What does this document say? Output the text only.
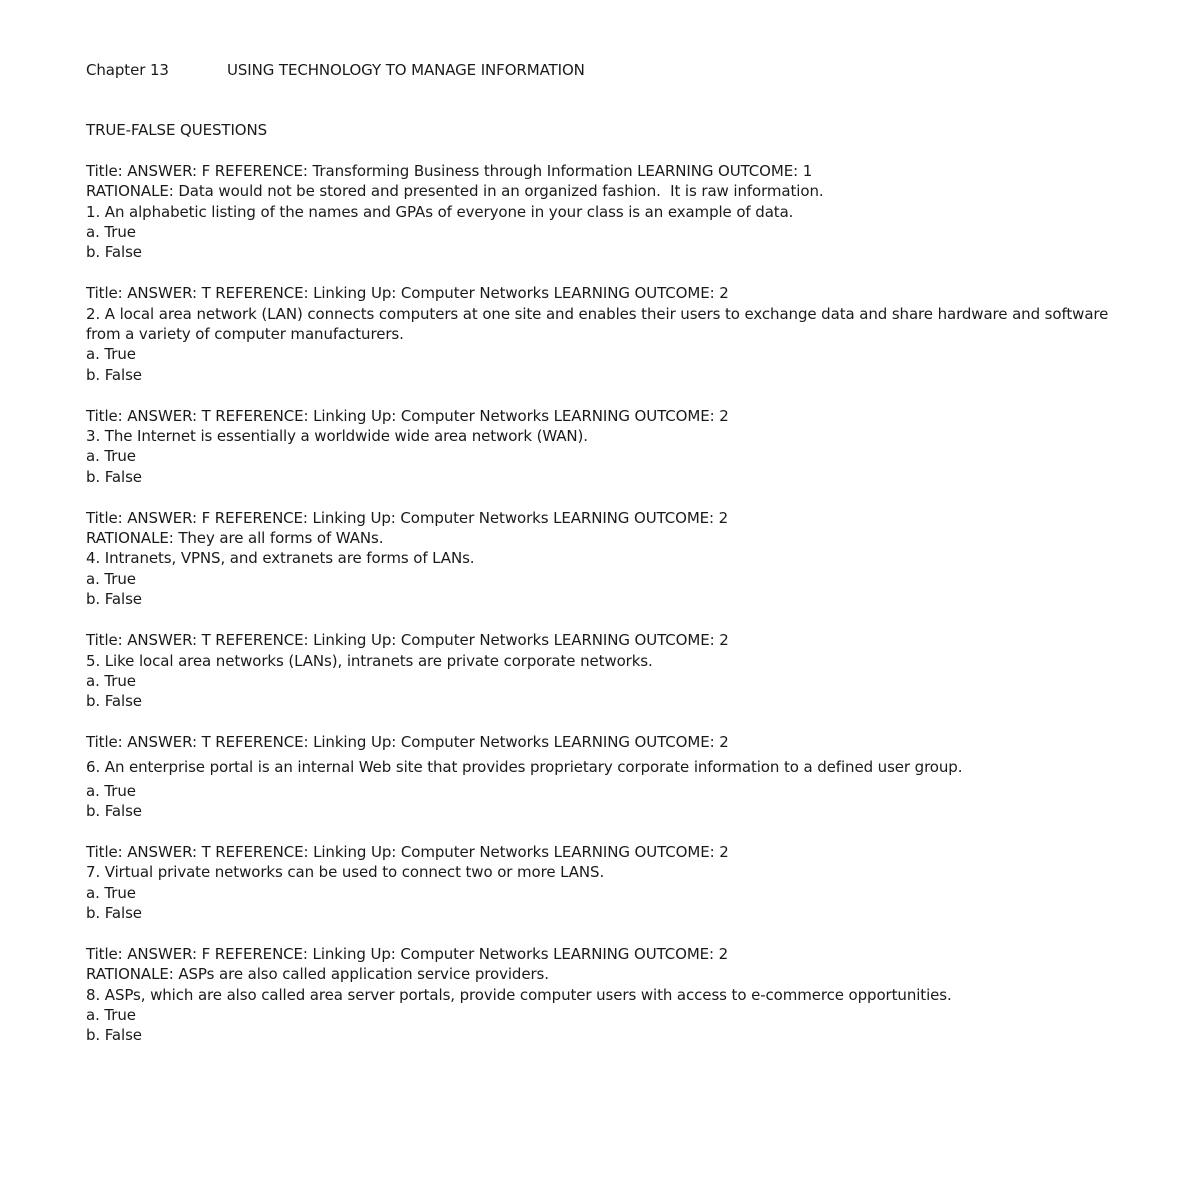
Chapter 13	USING TECHNOLOGY TO MANAGE INFORMATION
TRUE-FALSE QUESTIONS
Title: ANSWER: F REFERENCE: Transforming Business through Information LEARNING OUTCOME: 1
RATIONALE: Data would not be stored and presented in an organized fashion.  It is raw information.
1. An alphabetic listing of the names and GPAs of everyone in your class is an example of data.
a. True
b. False
Title: ANSWER: T REFERENCE: Linking Up: Computer Networks LEARNING OUTCOME: 2
2. A local area network (LAN) connects computers at one site and enables their users to exchange data and share hardware and software from a variety of computer manufacturers.
a. True
b. False
Title: ANSWER: T REFERENCE: Linking Up: Computer Networks LEARNING OUTCOME: 2
3. The Internet is essentially a worldwide wide area network (WAN).
a. True
b. False
Title: ANSWER: F REFERENCE: Linking Up: Computer Networks LEARNING OUTCOME: 2
RATIONALE: They are all forms of WANs.
4. Intranets, VPNS, and extranets are forms of LANs.
a. True
b. False
Title: ANSWER: T REFERENCE: Linking Up: Computer Networks LEARNING OUTCOME: 2
5. Like local area networks (LANs), intranets are private corporate networks.
a. True
b. False
Title: ANSWER: T REFERENCE: Linking Up: Computer Networks LEARNING OUTCOME: 2
6. An enterprise portal is an internal Web site that provides proprietary corporate information to a defined user group.
a. True
b. False
Title: ANSWER: T REFERENCE: Linking Up: Computer Networks LEARNING OUTCOME: 2
7. Virtual private networks can be used to connect two or more LANS.
a. True
b. False
Title: ANSWER: F REFERENCE: Linking Up: Computer Networks LEARNING OUTCOME: 2
RATIONALE: ASPs are also called application service providers.
8. ASPs, which are also called area server portals, provide computer users with access to e-commerce opportunities.
a. True
b. False
